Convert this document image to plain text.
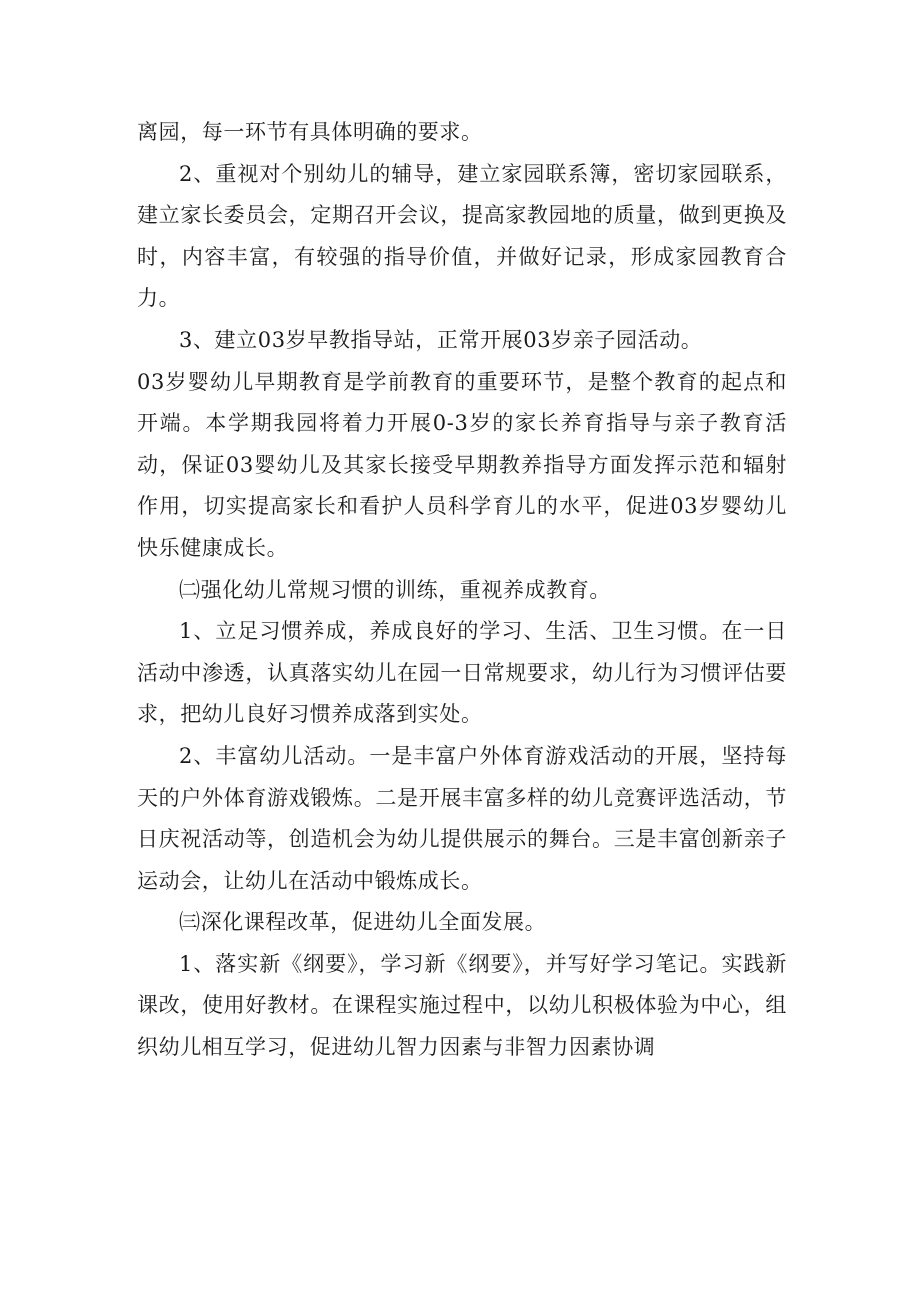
离园，每一环节有具体明确的要求。

2、重视对个别幼儿的辅导，建立家园联系簿，密切家园联系，建立家长委员会，定期召开会议，提高家教园地的质量，做到更换及时，内容丰富，有较强的指导价值，并做好记录，形成家园教育合力。

3、建立03岁早教指导站，正常开展03岁亲子园活动。

03岁婴幼儿早期教育是学前教育的重要环节，是整个教育的起点和开端。本学期我园将着力开展0-3岁的家长养育指导与亲子教育活动，保证03婴幼儿及其家长接受早期教养指导方面发挥示范和辐射作用，切实提高家长和看护人员科学育儿的水平，促进03岁婴幼儿快乐健康成长。

㈡强化幼儿常规习惯的训练，重视养成教育。

1、立足习惯养成，养成良好的学习、生活、卫生习惯。在一日活动中渗透，认真落实幼儿在园一日常规要求，幼儿行为习惯评估要求，把幼儿良好习惯养成落到实处。

2、丰富幼儿活动。一是丰富户外体育游戏活动的开展，坚持每天的户外体育游戏锻炼。二是开展丰富多样的幼儿竞赛评选活动，节日庆祝活动等，创造机会为幼儿提供展示的舞台。三是丰富创新亲子运动会，让幼儿在活动中锻炼成长。

㈢深化课程改革，促进幼儿全面发展。

1、落实新《纲要》，学习新《纲要》，并写好学习笔记。实践新课改，使用好教材。在课程实施过程中，以幼儿积极体验为中心，组织幼儿相互学习，促进幼儿智力因素与非智力因素协调
